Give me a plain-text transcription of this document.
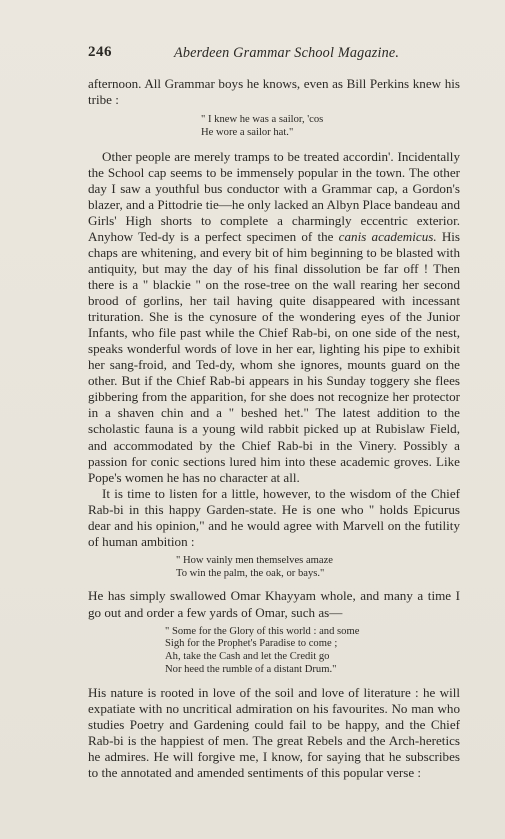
246	Aberdeen Grammar School Magazine.

afternoon. All Grammar boys he knows, even as Bill Perkins knew his tribe :

" I knew he was a sailor, 'cos
He wore a sailor hat."

Other people are merely tramps to be treated accordin'. Incidentally the School cap seems to be immensely popular in the town. The other day I saw a youthful bus conductor with a Grammar cap, a Gordon's blazer, and a Pittodrie tie—he only lacked an Albyn Place bandeau and Girls' High shorts to complete a charmingly eccentric exterior. Anyhow Ted-dy is a perfect specimen of the canis academicus. His chaps are whitening, and every bit of him beginning to be blasted with antiquity, but may the day of his final dissolution be far off ! Then there is a " blackie " on the rose-tree on the wall rearing her second brood of gorlins, her tail having quite disappeared with incessant trituration. She is the cynosure of the wondering eyes of the Junior Infants, who file past while the Chief Rab-bi, on one side of the nest, speaks wonderful words of love in her ear, lighting his pipe to exhibit her sang-froid, and Ted-dy, whom she ignores, mounts guard on the other. But if the Chief Rab-bi appears in his Sunday toggery she flees gibbering from the apparition, for she does not recognize her protector in a shaven chin and a " beshed het." The latest addition to the scholastic fauna is a young wild rabbit picked up at Rubislaw Field, and accommodated by the Chief Rab-bi in the Vinery. Possibly a passion for conic sections lured him into these academic groves. Like Pope's women he has no character at all.

It is time to listen for a little, however, to the wisdom of the Chief Rab-bi in this happy Garden-state. He is one who " holds Epicurus dear and his opinion," and he would agree with Marvell on the futility of human ambition :

" How vainly men themselves amaze
To win the palm, the oak, or bays."

He has simply swallowed Omar Khayyam whole, and many a time I go out and order a few yards of Omar, such as—

" Some for the Glory of this world : and some
Sigh for the Prophet's Paradise to come ;
Ah, take the Cash and let the Credit go
Nor heed the rumble of a distant Drum."

His nature is rooted in love of the soil and love of literature : he will expatiate with no uncritical admiration on his favourites. No man who studies Poetry and Gardening could fail to be happy, and the Chief Rab-bi is the happiest of men. The great Rebels and the Arch-heretics he admires. He will forgive me, I know, for saying that he subscribes to the annotated and amended sentiments of this popular verse :
